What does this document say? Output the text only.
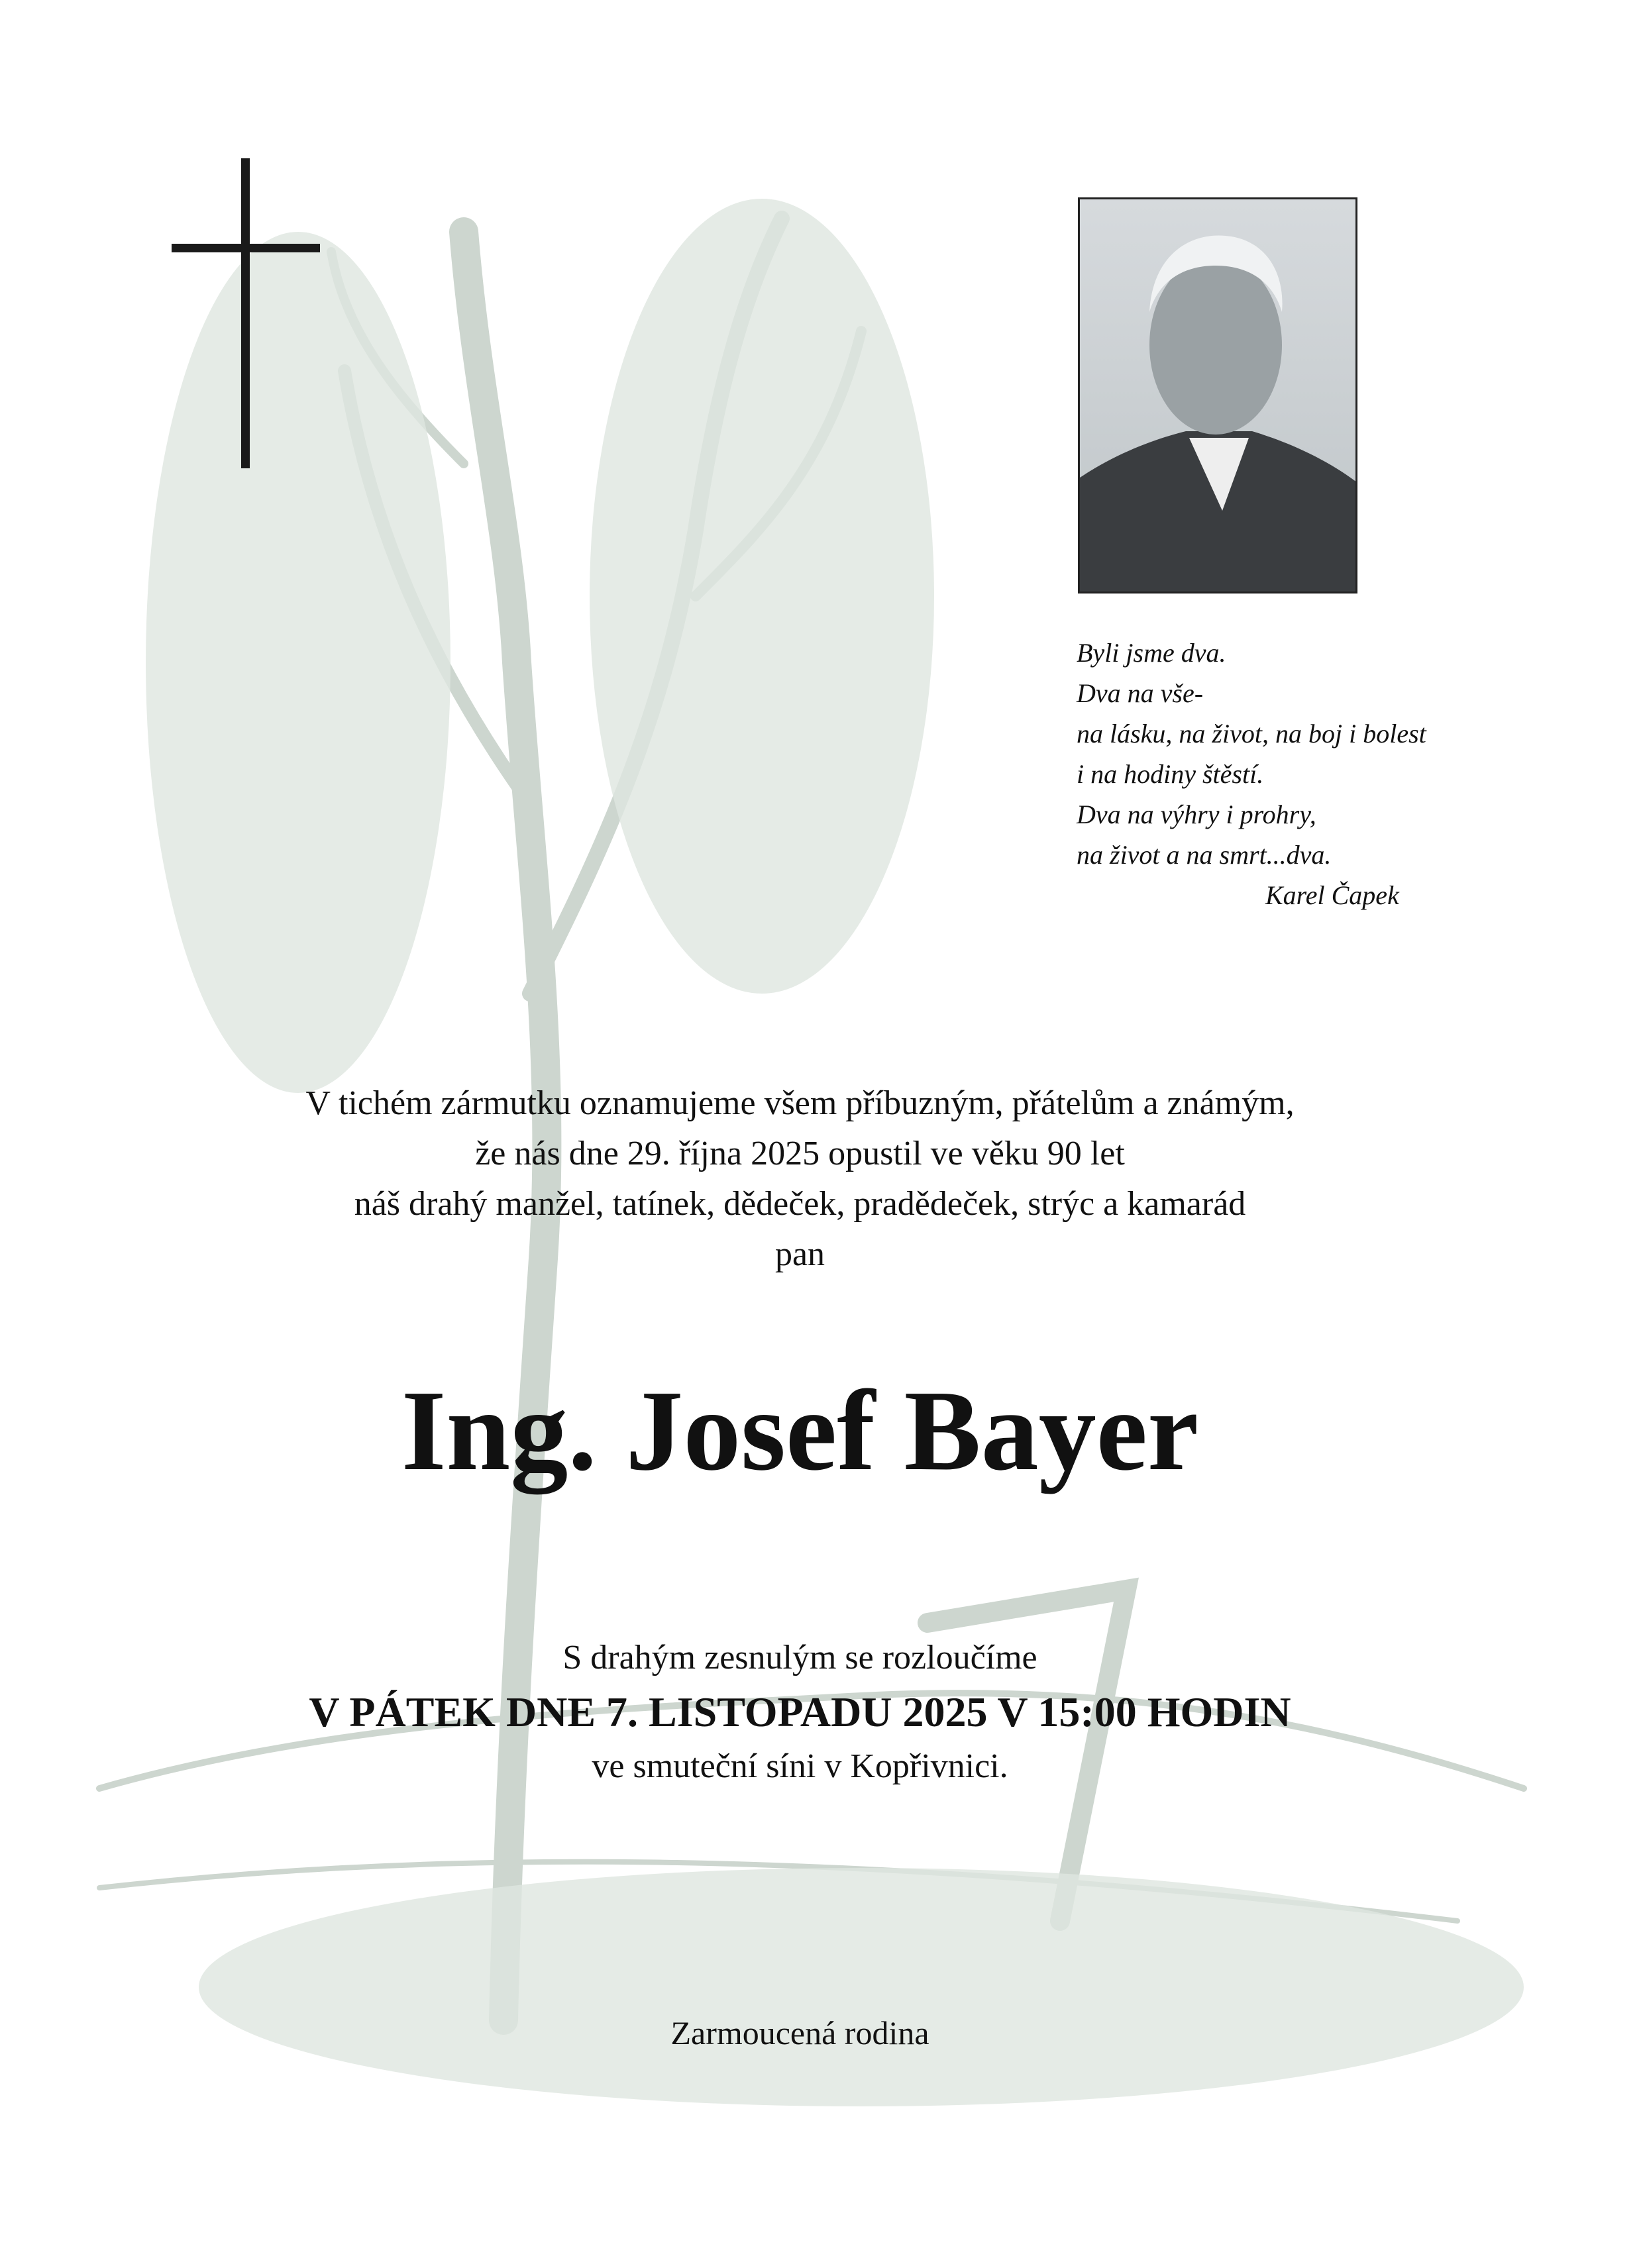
Byli jsme dva.
Dva na vše-
na lásku, na život, na boj i bolest
i na hodiny štěstí.
Dva na výhry i prohry,
na život a na smrt...dva.
Karel Čapek
V tichém zármutku oznamujeme všem příbuzným, přátelům a známým,
že nás dne 29. října 2025 opustil ve věku 90 let
náš drahý manžel, tatínek, dědeček, pradědeček, strýc a kamarád
pan
Ing. Josef Bayer
S drahým zesnulým se rozloučíme
V PÁTEK DNE 7. LISTOPADU 2025 V 15:00 HODIN
ve smuteční síni v Kopřivnici.
Zarmoucená rodina
